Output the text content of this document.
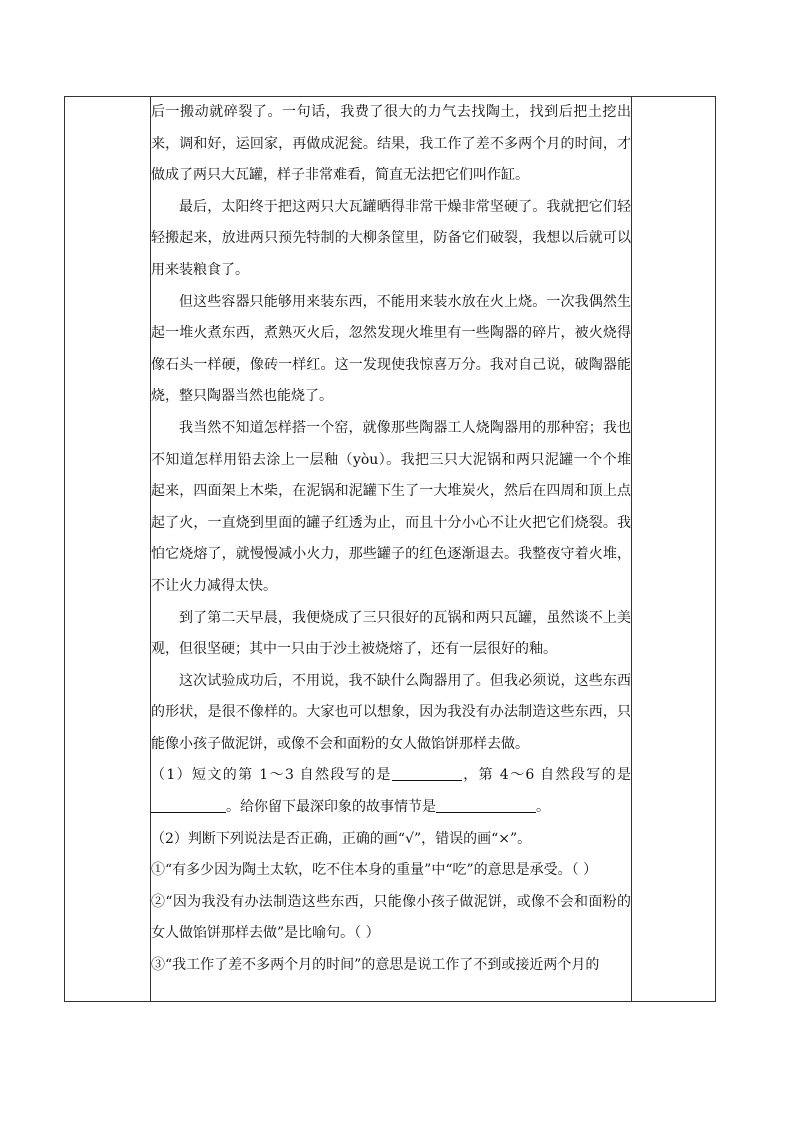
后一搬动就碎裂了。一句话，我费了很大的力气去找陶土，找到后把土挖出来，调和好，运回家，再做成泥瓮。结果，我工作了差不多两个月的时间，才做成了两只大瓦罐，样子非常难看，简直无法把它们叫作缸。

最后，太阳终于把这两只大瓦罐晒得非常干燥非常坚硬了。我就把它们轻轻搬起来，放进两只预先特制的大柳条筐里，防备它们破裂，我想以后就可以用来装粮食了。

但这些容器只能够用来装东西，不能用来装水放在火上烧。一次我偶然生起一堆火煮东西，煮熟灭火后，忽然发现火堆里有一些陶器的碎片，被火烧得像石头一样硬，像砖一样红。这一发现使我惊喜万分。我对自己说，破陶器能烧，整只陶器当然也能烧了。

我当然不知道怎样搭一个窑，就像那些陶器工人烧陶器用的那种窑；我也不知道怎样用铅去涂上一层釉（yòu）。我把三只大泥锅和两只泥罐一个个堆起来，四面架上木柴，在泥锅和泥罐下生了一大堆炭火，然后在四周和顶上点起了火，一直烧到里面的罐子红透为止，而且十分小心不让火把它们烧裂。我怕它烧熔了，就慢慢减小火力，那些罐子的红色逐渐退去。我整夜守着火堆，不让火力减得太快。

到了第二天早晨，我便烧成了三只很好的瓦锅和两只瓦罐，虽然谈不上美观，但很坚硬；其中一只由于沙土被烧熔了，还有一层很好的釉。

这次试验成功后，不用说，我不缺什么陶器用了。但我必须说，这些东西的形状，是很不像样的。大家也可以想象，因为我没有办法制造这些东西，只能像小孩子做泥饼，或像不会和面粉的女人做馅饼那样去做。

（1）短文的第 1～3 自然段写的是	，第 4～6 自然段写的是。给你留下最深印象的故事情节是	。

（2）判断下列说法是否正确，正确的画“√”，错误的画“×”。

①“有多少因为陶土太软，吃不住本身的重量”中“吃”的意思是承受。（ ）

②“因为我没有办法制造这些东西，只能像小孩子做泥饼，或像不会和面粉的女人做馅饼那样去做”是比喻句。（ ）

③“我工作了差不多两个月的时间”的意思是说工作了不到或接近两个月的
